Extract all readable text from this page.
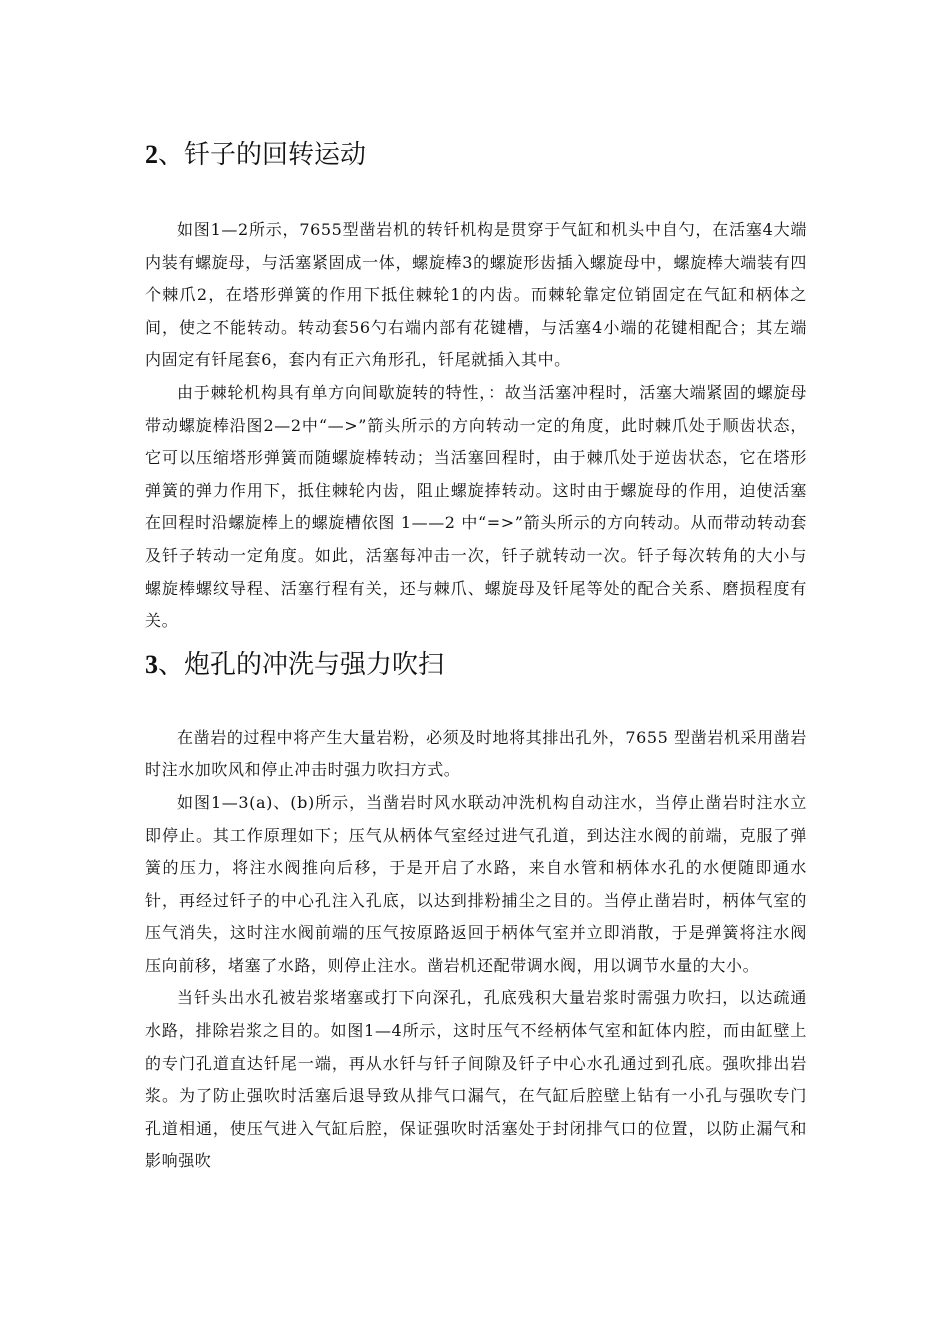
2、钎子的回转运动

如图1—2所示，7655型凿岩机的转钎机构是贯穿于气缸和机头中自勺，在活塞4大端内装有螺旋母，与活塞紧固成一体，螺旋棒3的螺旋形齿插入螺旋母中，螺旋棒大端装有四个棘爪2，在塔形弹簧的作用下抵住棘轮1的内齿。而棘轮靠定位销固定在气缸和柄体之间，使之不能转动。转动套56勺右端内部有花键槽，与活塞4小端的花键相配合；其左端内固定有钎尾套6，套内有正六角形孔，钎尾就插入其中。

由于棘轮机构具有单方向间歇旋转的特性，：故当活塞冲程时，活塞大端紧固的螺旋母带动螺旋棒沿图2—2中“—>”箭头所示的方向转动一定的角度，此时棘爪处于顺齿状态，它可以压缩塔形弹簧而随螺旋棒转动；当活塞回程时，由于棘爪处于逆齿状态，它在塔形弹簧的弹力作用下，抵住棘轮内齿，阻止螺旋捧转动。这时由于螺旋母的作用，迫使活塞在回程时沿螺旋棒上的螺旋槽依图 1——2 中“=>”箭头所示的方向转动。从而带动转动套及钎子转动一定角度。如此，活塞每冲击一次，钎子就转动一次。钎子每次转角的大小与螺旋棒螺纹导程、活塞行程有关，还与棘爪、螺旋母及钎尾等处的配合关系、磨损程度有关。

3、炮孔的冲洗与强力吹扫

在凿岩的过程中将产生大量岩粉，必须及时地将其排出孔外，7655 型凿岩机采用凿岩时注水加吹风和停止冲击时强力吹扫方式。

如图1—3(a)、(b)所示，当凿岩时风水联动冲洗机构自动注水，当停止凿岩时注水立即停止。其工作原理如下；压气从柄体气室经过进气孔道，到达注水阀的前端，克服了弹簧的压力，将注水阀推向后移，于是开启了水路，来自水管和柄体水孔的水便随即通水针，再经过钎子的中心孔注入孔底，以达到排粉捕尘之目的。当停止凿岩时，柄体气室的压气消失，这时注水阀前端的压气按原路返回于柄体气室并立即消散，于是弹簧将注水阀压向前移，堵塞了水路，则停止注水。凿岩机还配带调水阀，用以调节水量的大小。

当钎头出水孔被岩浆堵塞或打下向深孔，孔底残积大量岩浆时需强力吹扫，以达疏通水路，排除岩浆之目的。如图1—4所示，这时压气不经柄体气室和缸体内腔，而由缸壁上的专门孔道直达钎尾一端，再从水钎与钎子间隙及钎子中心水孔通过到孔底。强吹排出岩浆。为了防止强吹时活塞后退导致从排气口漏气，在气缸后腔壁上钻有一小孔与强吹专门孔道相通，使压气进入气缸后腔，保证强吹时活塞处于封闭排气口的位置，以防止漏气和影响强吹
